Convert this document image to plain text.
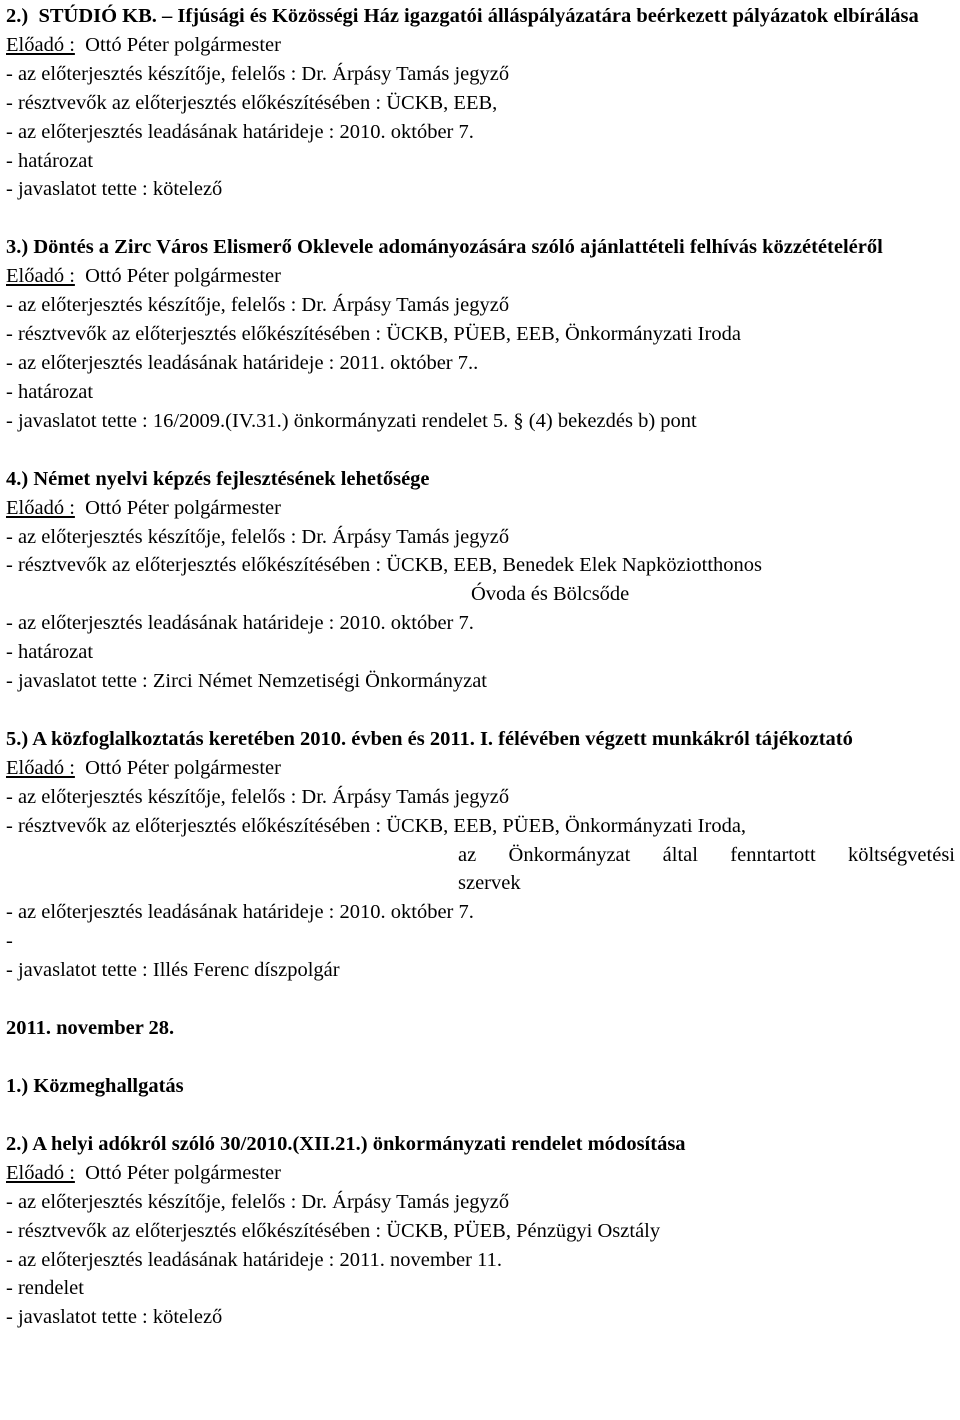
2.) STÚDIÓ KB. – Ifjúsági és Közösségi Ház igazgatói álláspályázatára beérkezett pályázatok elbírálása
Előadó : Ottó Péter polgármester
- az előterjesztés készítője, felelős : Dr. Árpásy Tamás jegyző
- résztvevők az előterjesztés előkészítésében : ÜCKB, EEB,
- az előterjesztés leadásának határideje : 2010. október 7.
- határozat
- javaslatot tette : kötelező
3.) Döntés a Zirc Város Elismerő Oklevele adományozására szóló ajánlattételi felhívás közzétételéről
Előadó : Ottó Péter polgármester
- az előterjesztés készítője, felelős : Dr. Árpásy Tamás jegyző
- résztvevők az előterjesztés előkészítésében : ÜCKB, PÜEB, EEB, Önkormányzati Iroda
- az előterjesztés leadásának határideje : 2011. október 7..
- határozat
- javaslatot tette : 16/2009.(IV.31.) önkormányzati rendelet 5. § (4) bekezdés b) pont
4.) Német nyelvi képzés fejlesztésének lehetősége
Előadó : Ottó Péter polgármester
- az előterjesztés készítője, felelős : Dr. Árpásy Tamás jegyző
- résztvevők az előterjesztés előkészítésében : ÜCKB, EEB, Benedek Elek Napköziotthonos
Óvoda és Bölcsőde
- az előterjesztés leadásának határideje : 2010. október 7.
- határozat
- javaslatot tette : Zirci Német Nemzetiségi Önkormányzat
5.) A közfoglalkoztatás keretében 2010. évben és 2011. I. félévében végzett munkákról tájékoztató
Előadó : Ottó Péter polgármester
- az előterjesztés készítője, felelős : Dr. Árpásy Tamás jegyző
- résztvevők az előterjesztés előkészítésében : ÜCKB, EEB, PÜEB, Önkormányzati Iroda,
az Önkormányzat által fenntartott költségvetési
szervek
- az előterjesztés leadásának határideje : 2010. október 7.
-
- javaslatot tette : Illés Ferenc díszpolgár
2011. november 28.
1.) Közmeghallgatás
2.) A helyi adókról szóló 30/2010.(XII.21.) önkormányzati rendelet módosítása
Előadó : Ottó Péter polgármester
- az előterjesztés készítője, felelős : Dr. Árpásy Tamás jegyző
- résztvevők az előterjesztés előkészítésében : ÜCKB, PÜEB, Pénzügyi Osztály
- az előterjesztés leadásának határideje : 2011. november 11.
- rendelet
- javaslatot tette : kötelező
